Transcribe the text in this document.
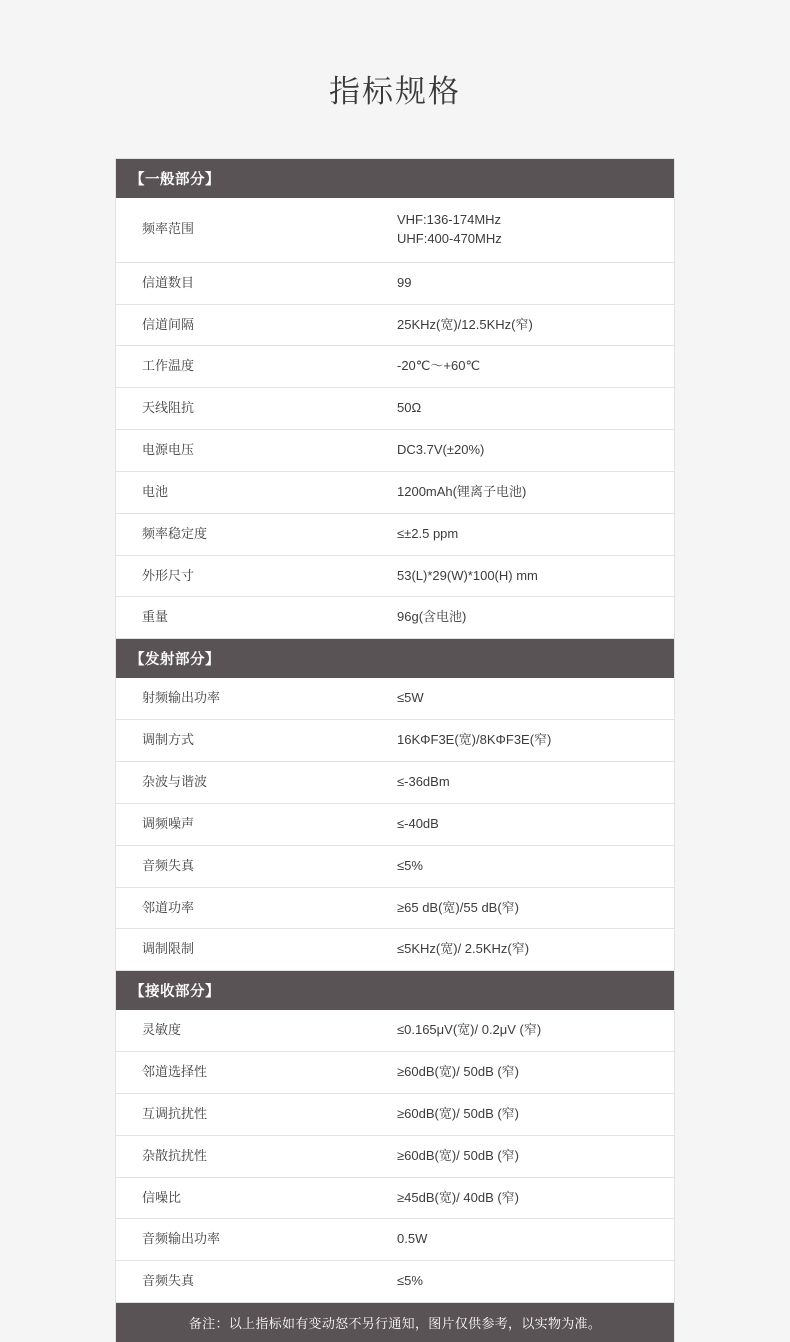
指标规格
【一般部分】	
频率范围	VHF:136-174MHz
UHF:400-470MHz

信道数目	99
信道间隔	25KHz(宽)/12.5KHz(窄)
工作温度	-20℃～+60℃
天线阻抗	50Ω
电源电压	DC3.7V(±20%)
电池	1200mAh(锂离子电池)
频率稳定度	≤±2.5 ppm
外形尺寸	53(L)*29(W)*100(H) mm
重量	96g(含电池)
【发射部分】	
射频输出功率	≤5W
调制方式	16KΦF3E(宽)/8KΦF3E(窄)
杂波与谐波	≤-36dBm
调频噪声	≤-40dB
音频失真	≤5%
邻道功率	≥65 dB(宽)/55 dB(窄)
调制限制	≤5KHz(宽)/ 2.5KHz(窄)
【接收部分】	
灵敏度	≤0.165μV(宽)/ 0.2μV (窄)
邻道选择性	≥60dB(宽)/ 50dB (窄)
互调抗扰性	≥60dB(宽)/ 50dB (窄)
杂散抗扰性	≥60dB(宽)/ 50dB (窄)
信噪比	≥45dB(宽)/ 40dB (窄)
音频输出功率	0.5W
音频失真	≤5%
备注：以上指标如有变动怒不另行通知，图片仅供参考，以实物为准。	
